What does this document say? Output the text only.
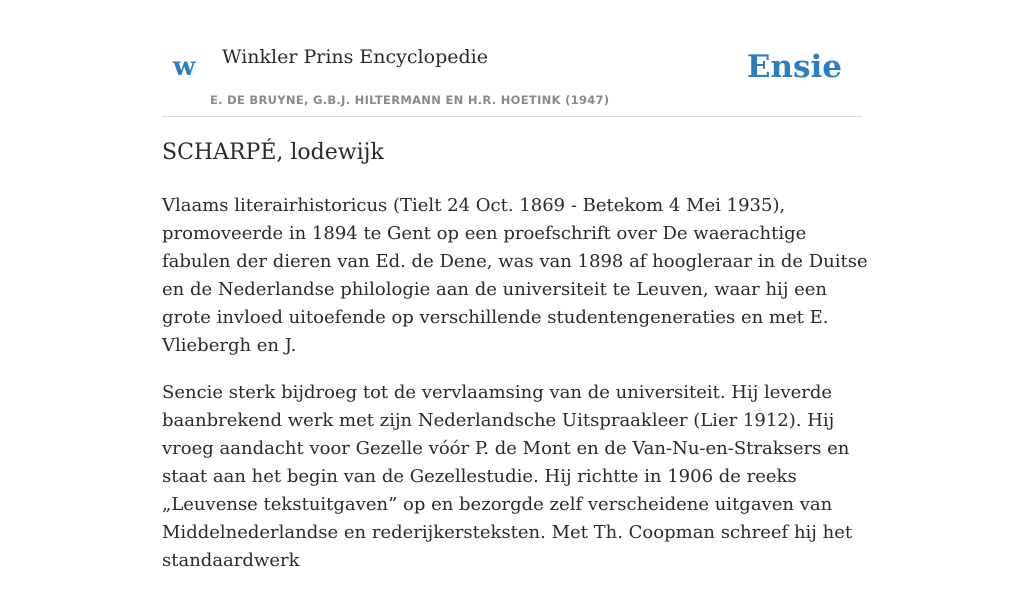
w Winkler Prins Encyclopedie
E. DE BRUYNE, G.B.J. HILTERMANN EN H.R. HOETINK (1947)
Ensie
SCHARPÉ, lodewijk

Vlaams literairhistoricus (Tielt 24 Oct. 1869 - Betekom 4 Mei 1935), promoveerde in 1894 te Gent op een proefschrift over De waerachtige fabulen der dieren van Ed. de Dene, was van 1898 af hoogleraar in de Duitse en de Nederlandse philologie aan de universiteit te Leuven, waar hij een grote invloed uitoefende op verschillende studentengeneraties en met E. Vliebergh en J.

Sencie sterk bijdroeg tot de vervlaamsing van de universiteit. Hij leverde baanbrekend werk met zijn Nederlandsche Uitspraakleer (Lier 1912). Hij vroeg aandacht voor Gezelle vóór P. de Mont en de Van-Nu-en-Straksers en staat aan het begin van de Gezellestudie. Hij richtte in 1906 de reeks „Leuvense tekstuitgaven” op en bezorgde zelf verscheidene uitgaven van Middelnederlandse en rederijkersteksten. Met Th. Coopman schreef hij het standaardwerk
